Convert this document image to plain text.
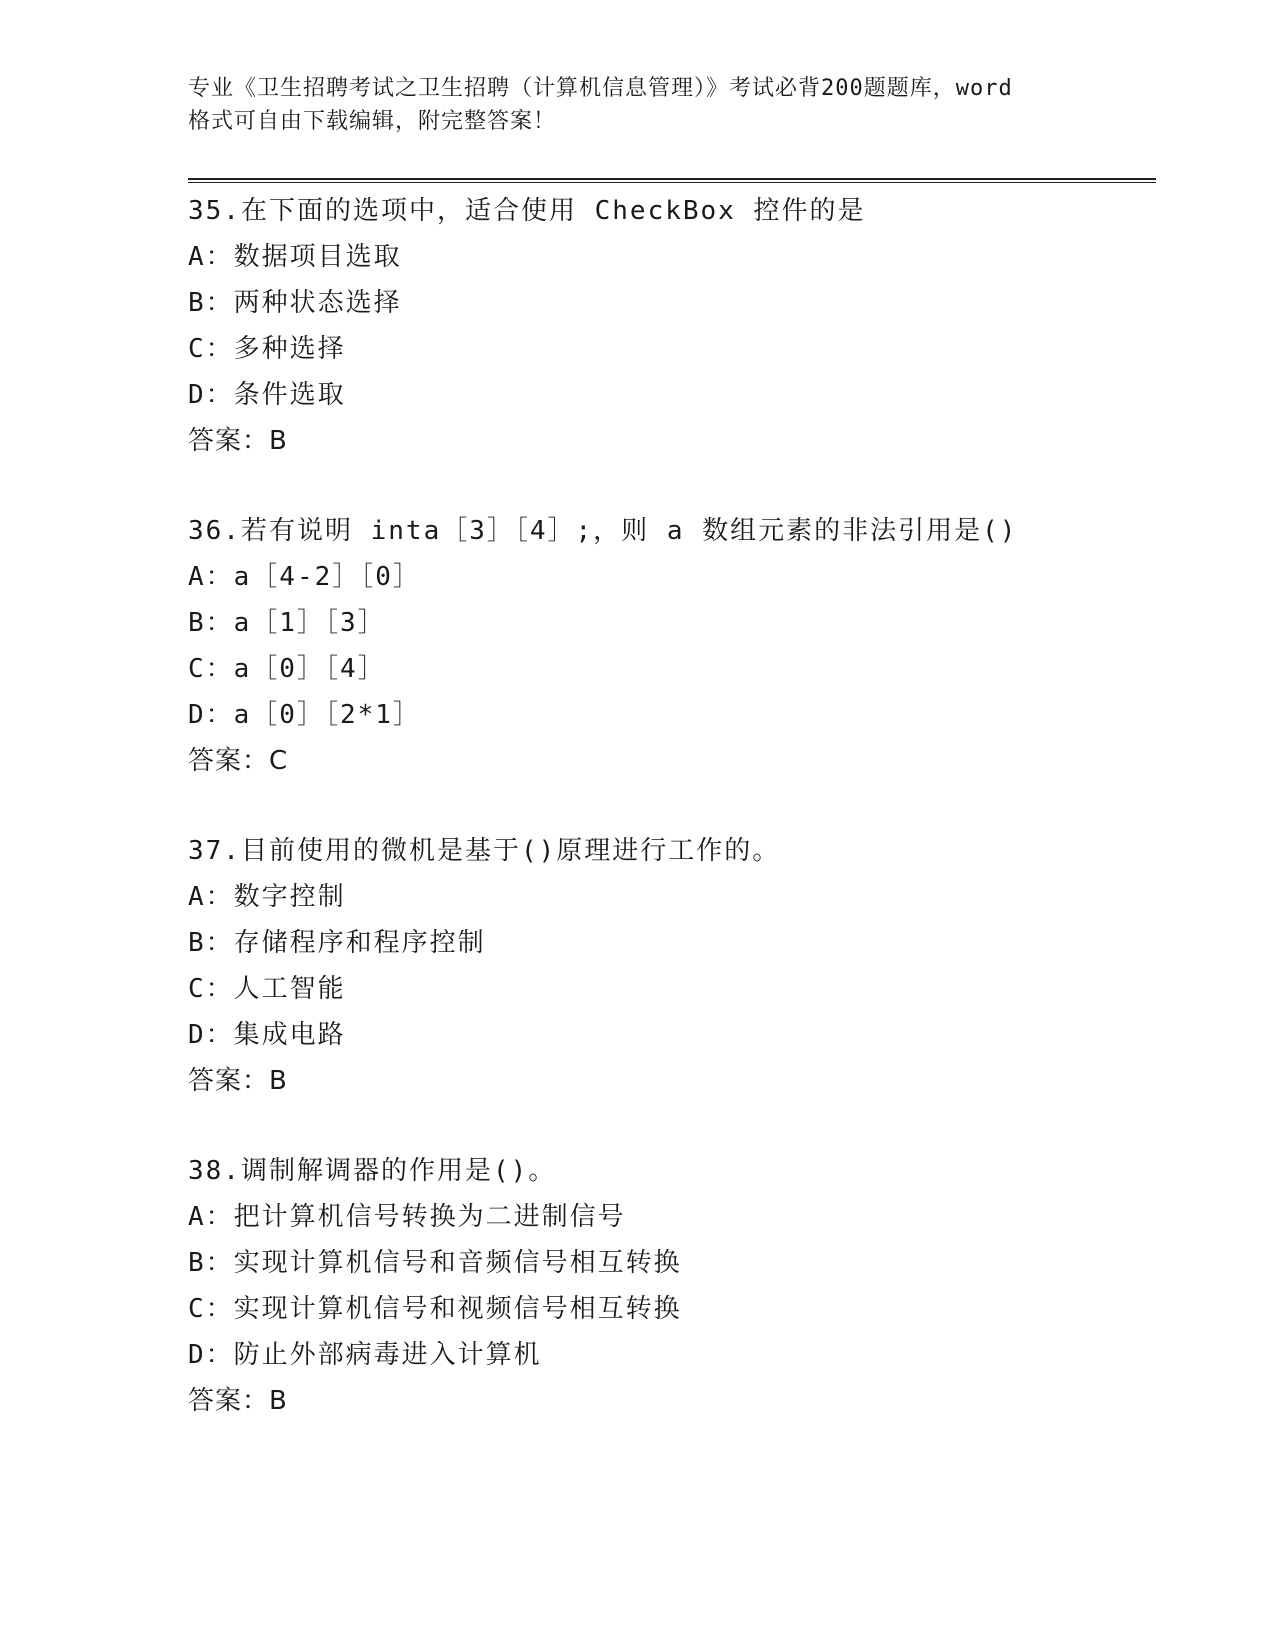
专业《卫生招聘考试之卫生招聘（计算机信息管理）》考试必背200题题库，word
格式可自由下载编辑，附完整答案！
35.在下面的选项中，适合使用 CheckBox 控件的是
A：数据项目选取
B：两种状态选择
C：多种选择
D：条件选取
答案：B
36.若有说明 inta［3］［4］;，则 a 数组元素的非法引用是()
A：a［4-2］［0］
B：a［1］［3］
C：a［0］［4］
D：a［0］［2*1］
答案：C
37.目前使用的微机是基于()原理进行工作的。
A：数字控制
B：存储程序和程序控制
C：人工智能
D：集成电路
答案：B
38.调制解调器的作用是()。
A：把计算机信号转换为二进制信号
B：实现计算机信号和音频信号相互转换
C：实现计算机信号和视频信号相互转换
D：防止外部病毒进入计算机
答案：B
